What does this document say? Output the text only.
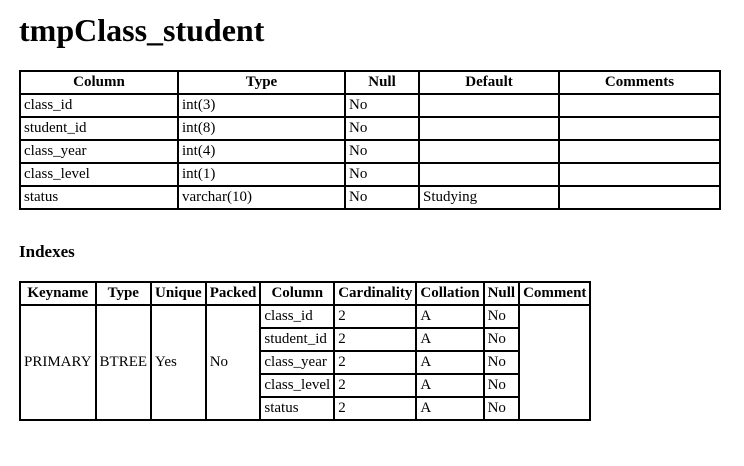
tmpClass_student
Column	Type	Null	Default	Comments
class_id	int(3)	No		
student_id	int(8)	No		
class_year	int(4)	No		
class_level	int(1)	No		
status	varchar(10)	No	Studying	
Indexes
Keyname	Type	Unique	Packed	Column	Cardinality	Collation	Null	Comment
PRIMARY	BTREE	Yes	No	class_id	2	A	No	
				student_id	2	A	No	
				class_year	2	A	No	
				class_level	2	A	No	
				status	2	A	No	
